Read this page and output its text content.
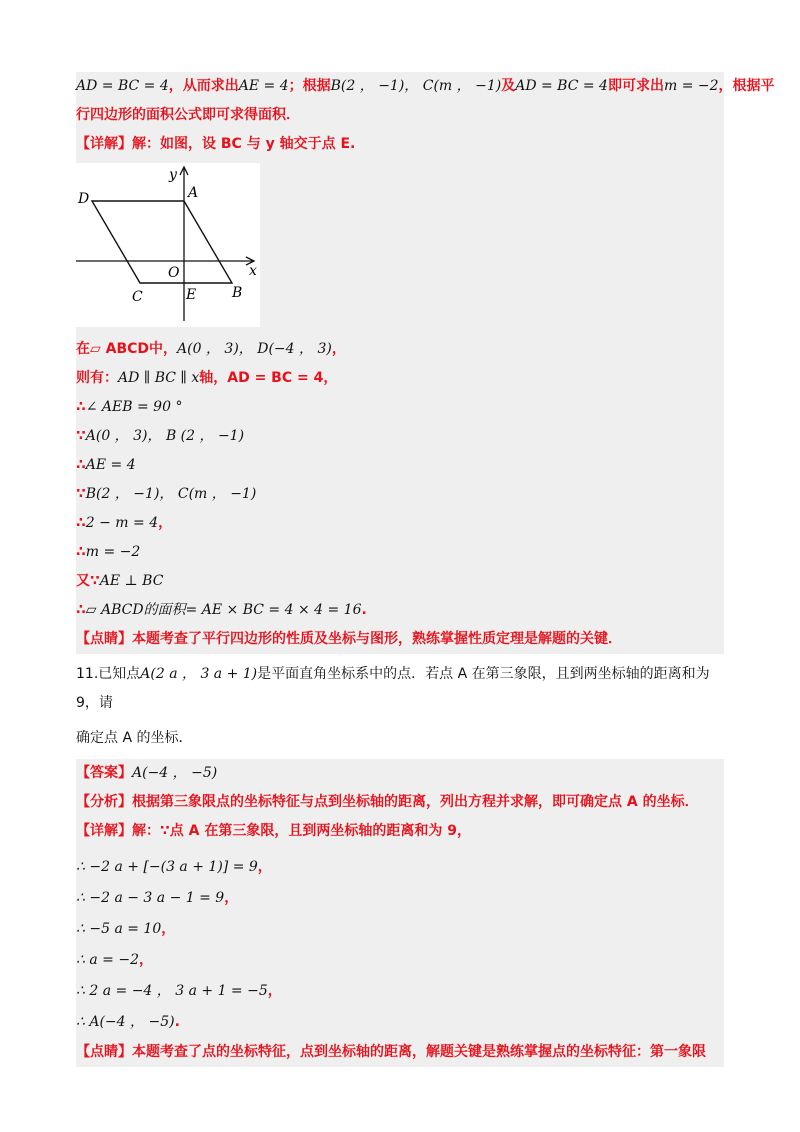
AD = BC = 4，从而求出AE = 4；根据B(2 ， −1)， C(m ， −1)及AD = BC = 4即可求出m = −2，根据平
行四边形的面积公式即可求得面积．
【详解】解：如图，设 BC 与 y 轴交于点 E.
D	A
y
O	x
C	E	B
在▱ ABCD中，A(0 ， 3)， D(−4 ， 3)，
则有：AD ∥ BC ∥ x轴，AD = BC = 4，
∴∠ AEB = 90 °
∵A(0 ， 3)， B (2 ， −1)
∴AE = 4
∵B(2 ， −1)， C(m ， −1)
∴2 − m = 4，
∴m = −2
又∵AE ⊥ BC
∴▱ ABCD的面积= AE × BC = 4 × 4 = 16.
【点睛】本题考查了平行四边形的性质及坐标与图形，熟练掌握性质定理是解题的关键．
11.已知点A(2 a ， 3 a + 1)是平面直角坐标系中的点．若点 A 在第三象限，且到两坐标轴的距离和为 9，请
确定点 A 的坐标．
【答案】A(−4 ， −5)
【分析】根据第三象限点的坐标特征与点到坐标轴的距离，列出方程并求解，即可确定点 A 的坐标．
【详解】解：∵点 A 在第三象限，且到两坐标轴的距离和为 9，
∴ −2 a + [−(3 a + 1)] = 9，
∴ −2 a − 3 a − 1 = 9，
∴ −5 a = 10，
∴ a = −2，
∴ 2 a = −4 ， 3 a + 1 = −5，
∴ A(−4 ， −5).
【点睛】本题考查了点的坐标特征，点到坐标轴的距离，解题关键是熟练掌握点的坐标特征：第一象限
